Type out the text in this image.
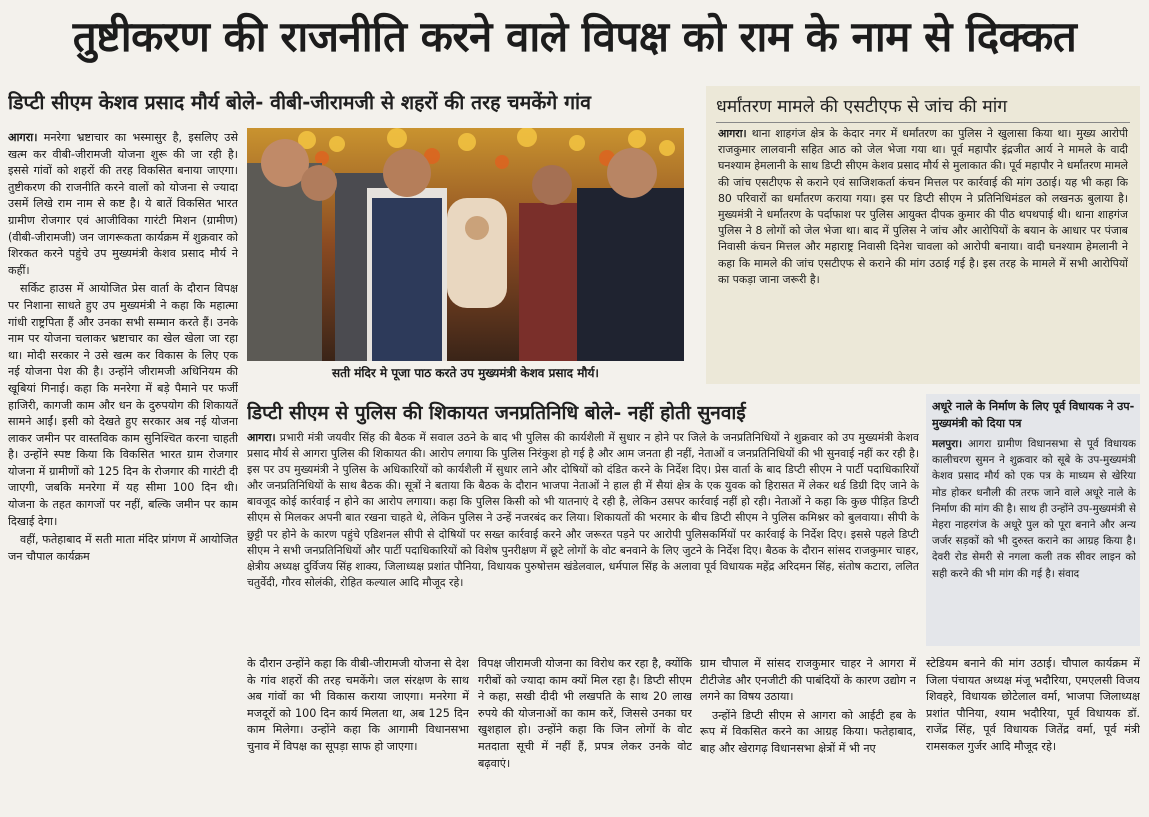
तुष्टीकरण की राजनीति करने वाले विपक्ष को राम के नाम से दिक्कत
डिप्टी सीएम केशव प्रसाद मौर्य बोले- वीबी-जीरामजी से शहरों की तरह चमकेंगे गांव

आगरा। मनरेगा भ्रष्टाचार का भस्मासुर है, इसलिए उसे खत्म कर वीबी-जीरामजी योजना शुरू की जा रही है। इससे गांवों को शहरों की तरह विकसित बनाया जाएगा। तुष्टीकरण की राजनीति करने वालों को योजना से ज्यादा उसमें लिखे राम नाम से कष्ट है। ये बातें विकसित भारत ग्रामीण रोजगार एवं आजीविका गारंटी मिशन (ग्रामीण) (वीबी-जीरामजी) जन जागरूकता कार्यक्रम में शुक्रवार को शिरकत करने पहुंचे उप मुख्यमंत्री केशव प्रसाद मौर्य ने कहीं।

सर्किट हाउस में आयोजित प्रेस वार्ता के दौरान विपक्ष पर निशाना साधते हुए उप मुख्यमंत्री ने कहा कि महात्मा गांधी राष्ट्रपिता हैं और उनका सभी सम्मान करते हैं। उनके नाम पर योजना चलाकर भ्रष्टाचार का खेल खेला जा रहा था। मोदी सरकार ने उसे खत्म कर विकास के लिए एक नई योजना पेश की है। उन्होंने जीरामजी अधिनियम की खूबियां गिनाई। कहा कि मनरेगा में बड़े पैमाने पर फर्जी हाजिरी, कागजी काम और धन के दुरुपयोग की शिकायतें सामने आईं। इसी को देखते हुए सरकार अब नई योजना लाकर जमीन पर वास्तविक काम सुनिश्चित करना चाहती है। उन्होंने स्पष्ट किया कि विकसित भारत ग्राम रोजगार योजना में ग्रामीणों को 125 दिन के रोजगार की गारंटी दी जाएगी, जबकि मनरेगा में यह सीमा 100 दिन थी। योजना के तहत कागजों पर नहीं, बल्कि जमीन पर काम दिखाई देगा।

वहीं, फतेहाबाद में सती माता मंदिर प्रांगण में आयोजित जन चौपाल कार्यक्रम

सती मंदिर मे पूजा पाठ करते उप मुख्यमंत्री केशव प्रसाद मौर्य।
धर्मांतरण मामले की एसटीएफ से जांच की मांग

आगरा। थाना शाहगंज क्षेत्र के केदार नगर में धर्मांतरण का पुलिस ने खुलासा किया था। मुख्य आरोपी राजकुमार लालवानी सहित आठ को जेल भेजा गया था। पूर्व महापौर इंद्रजीत आर्य ने मामले के वादी घनश्याम हेमलानी के साथ डिप्टी सीएम केशव प्रसाद मौर्य से मुलाकात की। पूर्व महापौर ने धर्मांतरण मामले की जांच एसटीएफ से कराने एवं साजिशकर्ता कंचन मित्तल पर कार्रवाई की मांग उठाई। यह भी कहा कि 80 परिवारों का धर्मांतरण कराया गया। इस पर डिप्टी सीएम ने प्रतिनिधिमंडल को लखनऊ बुलाया है। मुख्यमंत्री ने धर्मांतरण के पर्दाफाश पर पुलिस आयुक्त दीपक कुमार की पीठ थपथपाई थी। थाना शाहगंज पुलिस ने 8 लोगों को जेल भेजा था। बाद में पुलिस ने जांच और आरोपियों के बयान के आधार पर पंजाब निवासी कंचन मित्तल और महाराष्ट्र निवासी दिनेश चावला को आरोपी बनाया। वादी घनश्याम हेमलानी ने कहा कि मामले की जांच एसटीएफ से कराने की मांग उठाई गई है। इस तरह के मामले में सभी आरोपियों का पकड़ा जाना जरूरी है।

डिप्टी सीएम से पुलिस की शिकायत जनप्रतिनिधि बोले- नहीं होती सुनवाई

आगरा। प्रभारी मंत्री जयवीर सिंह की बैठक में सवाल उठने के बाद भी पुलिस की कार्यशैली में सुधार न होने पर जिले के जनप्रतिनिधियों ने शुक्रवार को उप मुख्यमंत्री केशव प्रसाद मौर्य से आगरा पुलिस की शिकायत की। आरोप लगाया कि पुलिस निरंकुश हो गई है और आम जनता ही नहीं, नेताओं व जनप्रतिनिधियों की भी सुनवाई नहीं कर रही है। इस पर उप मुख्यमंत्री ने पुलिस के अधिकारियों को कार्यशैली में सुधार लाने और दोषियों को दंडित करने के निर्देश दिए। प्रेस वार्ता के बाद डिप्टी सीएम ने पार्टी पदाधिकारियों और जनप्रतिनिधियों के साथ बैठक की। सूत्रों ने बताया कि बैठक के दौरान भाजपा नेताओं ने हाल ही में सैयां क्षेत्र के एक युवक को हिरासत में लेकर थर्ड डिग्री दिए जाने के बावजूद कोई कार्रवाई न होने का आरोप लगाया। कहा कि पुलिस किसी को भी यातनाएं दे रही है, लेकिन उसपर कार्रवाई नहीं हो रही। नेताओं ने कहा कि कुछ पीड़ित डिप्टी सीएम से मिलकर अपनी बात रखना चाहते थे, लेकिन पुलिस ने उन्हें नजरबंद कर लिया। शिकायतों की भरमार के बीच डिप्टी सीएम ने पुलिस कमिश्नर को बुलवाया। सीपी के छुट्टी पर होने के कारण पहुंचे एडिशनल सीपी से दोषियों पर सख्त कार्रवाई करने और जरूरत पड़ने पर आरोपी पुलिसकर्मियों पर कार्रवाई के निर्देश दिए। इससे पहले डिप्टी सीएम ने सभी जनप्रतिनिधियों और पार्टी पदाधिकारियों को विशेष पुनरीक्षण में छूटे लोगों के वोट बनवाने के लिए जुटने के निर्देश दिए। बैठक के दौरान सांसद राजकुमार चाहर, क्षेत्रीय अध्यक्ष दुर्विजय सिंह शाक्य, जिलाध्यक्ष प्रशांत पौनिया, विधायक पुरुषोत्तम खंडेलवाल, धर्मपाल सिंह के अलावा पूर्व विधायक महेंद्र अरिदमन सिंह, संतोष कटारा, ललित चतुर्वेदी, गौरव सोलंकी, रोहित कल्याल आदि मौजूद रहे।

अधूरे नाले के निर्माण के लिए पूर्व विधायक ने उप-मुख्यमंत्री को दिया पत्र

मलपुरा। आगरा ग्रामीण विधानसभा से पूर्व विधायक कालीचरण सुमन ने शुक्रवार को सूबे के उप-मुख्यमंत्री केशव प्रसाद मौर्य को एक पत्र के माध्यम से खेरिया मोड होकर धनौली की तरफ जाने वाले अधूरे नाले के निर्माण की मांग की है। साथ ही उन्होंने उप-मुख्यमंत्री से मेहरा नाहरगंज के अधूरे पुल को पूरा बनाने और अन्य जर्जर सड़कों को भी दुरुस्त कराने का आग्रह किया है। देवरी रोड सेमरी से नगला कली तक सीवर लाइन को सही करने की भी मांग की गई है। संवाद

के दौरान उन्होंने कहा कि वीबी-जीरामजी योजना से देश के गांव शहरों की तरह चमकेंगे। जल संरक्षण के साथ अब गांवों का भी विकास कराया जाएगा। मनरेगा में मजदूरों को 100 दिन कार्य मिलता था, अब 125 दिन काम मिलेगा। उन्होंने कहा कि आगामी विधानसभा चुनाव में विपक्ष का सूपड़ा साफ हो जाएगा।
विपक्ष जीरामजी योजना का विरोध कर रहा है, क्योंकि गरीबों को ज्यादा काम क्यों मिल रहा है। डिप्टी सीएम ने कहा, सखी दीदी भी लखपति के साथ 20 लाख रुपये की योजनाओं का काम करें, जिससे उनका घर खुशहाल हो। उन्होंने कहा कि जिन लोगों के वोट मतदाता सूची में नहीं हैं, प्रपत्र लेकर उनके वोट बढ़वाएं।

ग्राम चौपाल में सांसद राजकुमार चाहर ने आगरा में टीटीजेड और एनजीटी की पाबंदियों के कारण उद्योग न लगने का विषय उठाया।

उन्होंने डिप्टी सीएम से आगरा को आईटी हब के रूप में विकसित करने का आग्रह किया। फतेहाबाद, बाह और खेरागढ़ विधानसभा क्षेत्रों में भी नए

स्टेडियम बनाने की मांग उठाई। चौपाल कार्यक्रम में जिला पंचायत अध्यक्ष मंजू भदौरिया, एमएलसी विजय शिवहरे, विधायक छोटेलाल वर्मा, भाजपा जिलाध्यक्ष प्रशांत पौनिया, श्याम भदौरिया, पूर्व विधायक डॉ. राजेंद्र सिंह, पूर्व विधायक जितेंद्र वर्मा, पूर्व मंत्री रामसकल गुर्जर आदि मौजूद रहे।
